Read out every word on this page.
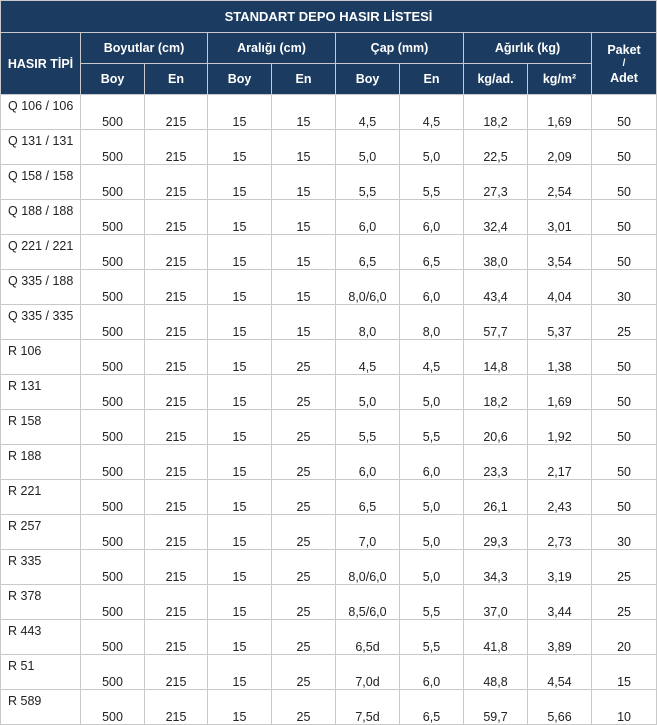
STANDART DEPO HASIR LİSTESİ									
HASIR TİPİ	Boyutlar (cm)		Aralığı (cm)		Çap (mm)		Ağırlık (kg)		Paket
/
Adet

	Boy	En	Boy	En	Boy	En	kg/ad.	kg/m²	
Q 106 / 106	500	215	15	15	4,5	4,5	18,2	1,69	50
Q 131 / 131	500	215	15	15	5,0	5,0	22,5	2,09	50
Q 158 / 158	500	215	15	15	5,5	5,5	27,3	2,54	50
Q 188 / 188	500	215	15	15	6,0	6,0	32,4	3,01	50
Q 221 / 221	500	215	15	15	6,5	6,5	38,0	3,54	50
Q 335 / 188	500	215	15	15	8,0/6,0	6,0	43,4	4,04	30
Q 335 / 335	500	215	15	15	8,0	8,0	57,7	5,37	25
R 106	500	215	15	25	4,5	4,5	14,8	1,38	50
R 131	500	215	15	25	5,0	5,0	18,2	1,69	50
R 158	500	215	15	25	5,5	5,5	20,6	1,92	50
R 188	500	215	15	25	6,0	6,0	23,3	2,17	50
R 221	500	215	15	25	6,5	5,0	26,1	2,43	50
R 257	500	215	15	25	7,0	5,0	29,3	2,73	30
R 335	500	215	15	25	8,0/6,0	5,0	34,3	3,19	25
R 378	500	215	15	25	8,5/6,0	5,5	37,0	3,44	25
R 443	500	215	15	25	6,5d	5,5	41,8	3,89	20
R 51	500	215	15	25	7,0d	6,0	48,8	4,54	15
R 589	500	215	15	25	7,5d	6,5	59,7	5,66	10
